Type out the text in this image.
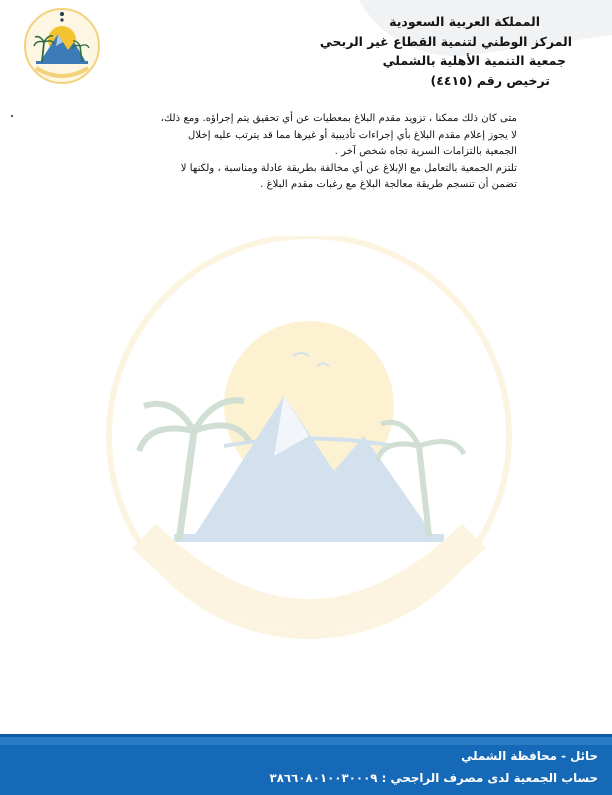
المملكة العربية السعودية
المركز الوطني لتنمية القطاع غير الربحي
جمعية التنمية الأهلية بالشملي
ترخيص رقم (٤٤١٥)
متى كان ذلك ممكنا ، تزويد مقدم البلاغ بمعطيات عن أي تحقيق يتم إجراؤه. ومع ذلك،
لا يجوز إعلام مقدم البلاغ بأي إجراءات تأديبية أو غيرها مما قد يترتب عليه إخلال
الجمعية بالتزامات السرية تجاه شخص آخر .
تلتزم الجمعية بالتعامل مع الإبلاغ عن أي مخالفة بطريقة عادلة ومناسبة ، ولكنها لا
تضمن أن تنسجم طريقة معالجة البلاغ مع رغبات مقدم البلاغ .
حائل - محافظة الشملي
حساب الجمعية لدى مصرف الراجحي : ٣٨٦٦٠٨٠١٠٠٣٠٠٠٩
